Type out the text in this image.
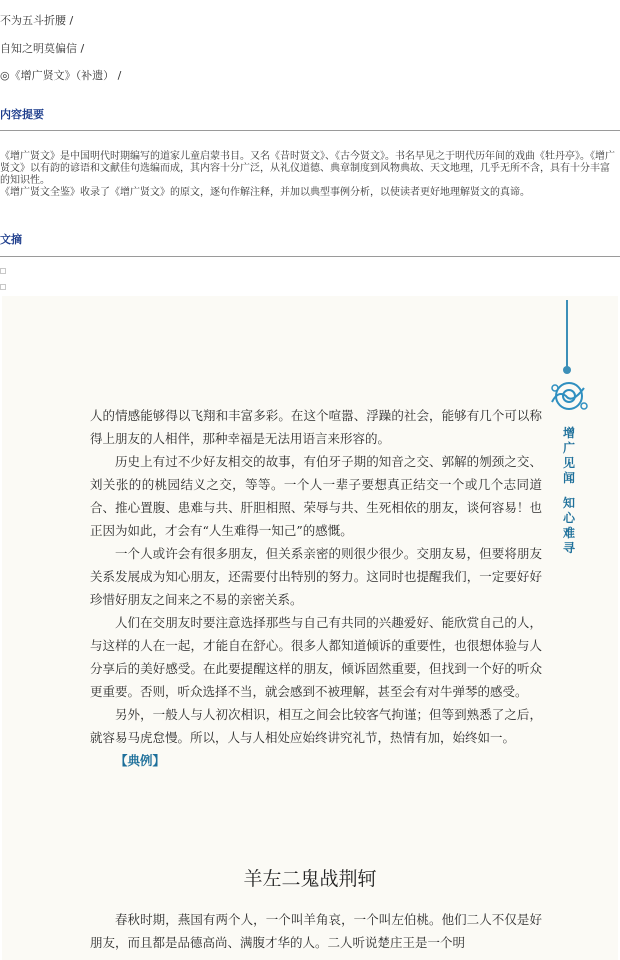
不为五斗折腰 /
自知之明莫偏信 /
◎《增广贤文》（补遗） /
内容提要

《增广贤文》是中国明代时期编写的道家儿童启蒙书目。又名《昔时贤文》、《古今贤文》。书名早见之于明代历年间的戏曲《牡丹亭》。《增广贤文》以有韵的谚语和文献佳句选编而成，其内容十分广泛，从礼仪道德、典章制度到风物典故、天文地理，几乎无所不含，具有十分丰富的知识性。

《增广贤文全鉴》收录了《增广贤文》的原文，逐句作解注释，并加以典型事例分析，以使读者更好地理解贤文的真谛。

文摘
增
广
见
闻
知
心
难
寻

人的情感能够得以飞翔和丰富多彩。在这个喧嚣、浮躁的社会，能够有几个可以称得上朋友的人相伴，那种幸福是无法用语言来形容的。

历史上有过不少好友相交的故事，有伯牙子期的知音之交、郭解的刎颈之交、刘关张的的桃园结义之交，等等。一个人一辈子要想真正结交一个或几个志同道合、推心置腹、患难与共、肝胆相照、荣辱与共、生死相依的朋友，谈何容易！也正因为如此，才会有“人生难得一知己”的感慨。

一个人或许会有很多朋友，但关系亲密的则很少很少。交朋友易，但要将朋友关系发展成为知心朋友，还需要付出特别的努力。这同时也提醒我们，一定要好好珍惜好朋友之间来之不易的亲密关系。

人们在交朋友时要注意选择那些与自己有共同的兴趣爱好、能欣赏自己的人，与这样的人在一起，才能自在舒心。很多人都知道倾诉的重要性，也很想体验与人分享后的美好感受。在此要提醒这样的朋友，倾诉固然重要，但找到一个好的听众更重要。否则，听众选择不当，就会感到不被理解，甚至会有对牛弹琴的感受。

另外，一般人与人初次相识，相互之间会比较客气拘谨；但等到熟悉了之后，就容易马虎怠慢。所以，人与人相处应始终讲究礼节，热情有加，始终如一。

【典例】

羊左二鬼战荆轲

春秋时期，燕国有两个人，一个叫羊角哀，一个叫左伯桃。他们二人不仅是好朋友，而且都是品德高尚、满腹才华的人。二人听说楚庄王是一个明
